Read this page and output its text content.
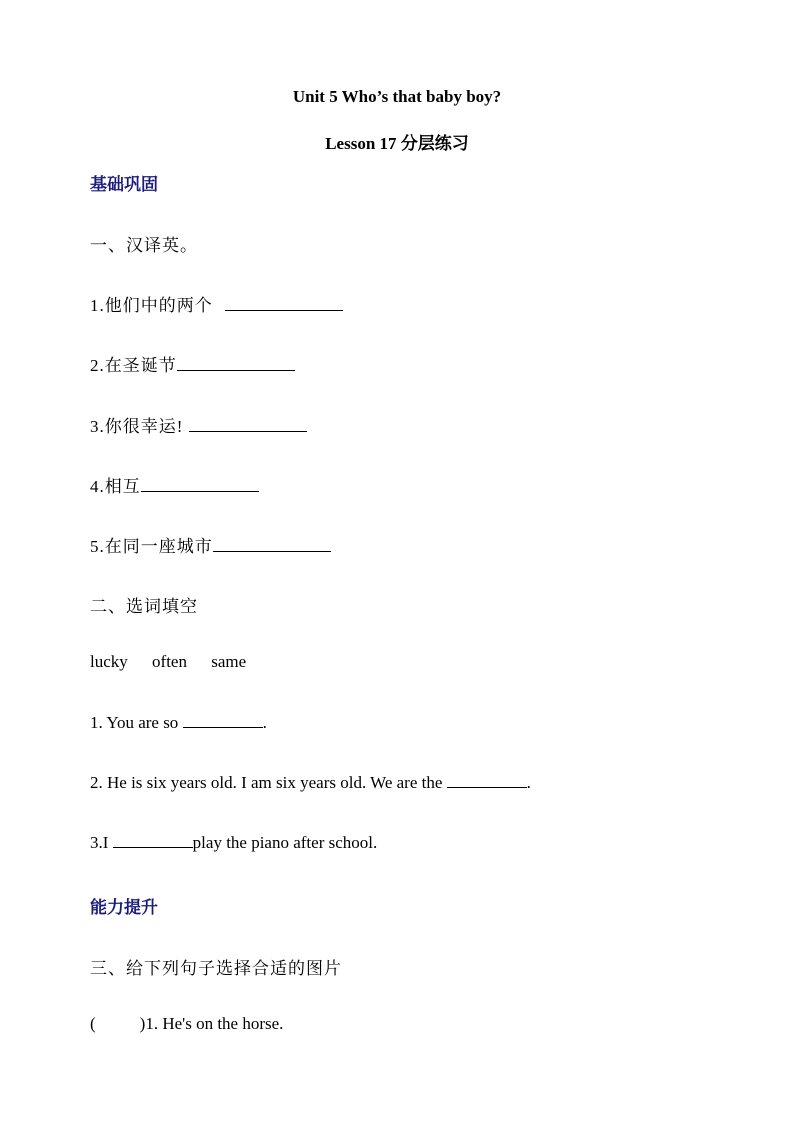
Unit 5 Who’s that baby boy?
Lesson 17 分层练习
基础巩固
一、汉译英。
1.他们中的两个
2.在圣诞节
3.你很幸运!
4.相互
5.在同一座城市
二、选词填空
lucky often same
1. You are so	.
2. He is six years old. I am six years old. We are the	.
3.I	play the piano after school.
能力提升
三、给下列句子选择合适的图片
(	)1. He's on the horse.
